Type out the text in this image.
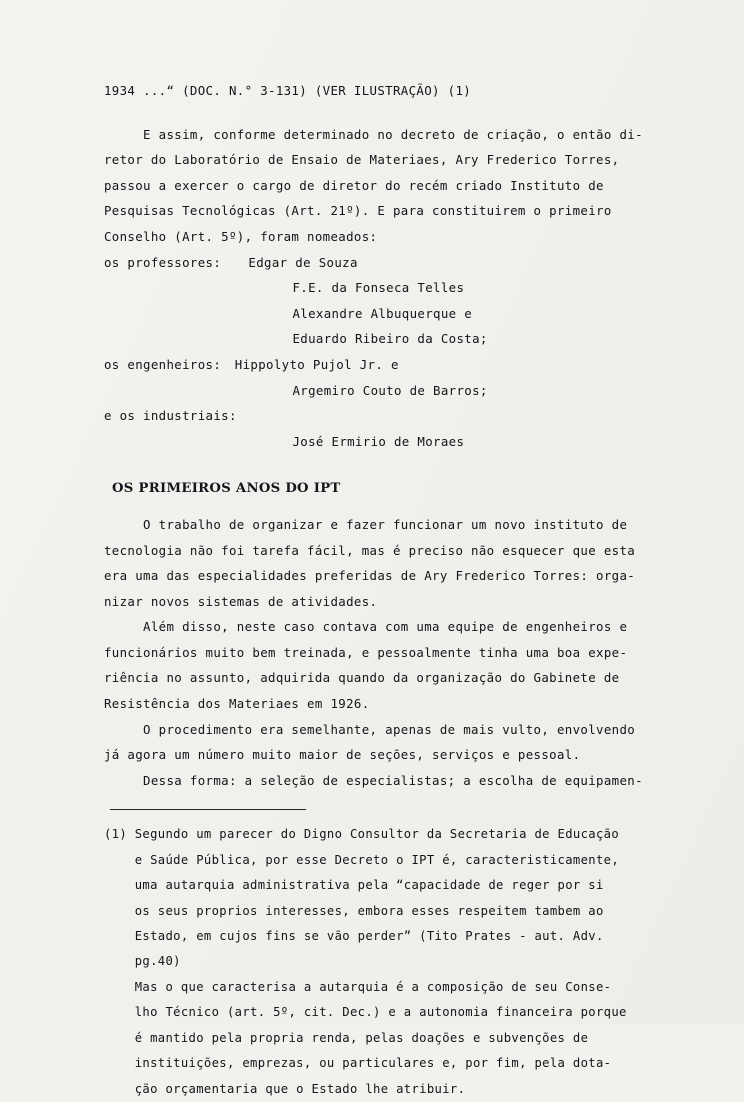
1934 ...“ (DOC. N.° 3-131) (VER ILUSTRAÇÃO) (1)
E assim, conforme determinado no decreto de criação, o então di-
retor do Laboratório de Ensaio de Materiaes, Ary Frederico Torres,
passou a exercer o cargo de diretor do recém criado Instituto de
Pesquisas Tecnológicas (Art. 21º). E para constituirem o primeiro
Conselho (Art. 5º), foram nomeados:
os professores: Edgar de Souza
F.E. da Fonseca Telles
Alexandre Albuquerque e
Eduardo Ribeiro da Costa;
os engenheiros: Hippolyto Pujol Jr. e
Argemiro Couto de Barros;
e os industriais:
José Ermirio de Moraes
OS PRIMEIROS ANOS DO IPT
O trabalho de organizar e fazer funcionar um novo instituto de
tecnologia não foi tarefa fácil, mas é preciso não esquecer que esta
era uma das especialidades preferidas de Ary Frederico Torres: orga-
nizar novos sistemas de atividades.
Além disso, neste caso contava com uma equipe de engenheiros e
funcionários muito bem treinada, e pessoalmente tinha uma boa expe-
riência no assunto, adquirida quando da organização do Gabinete de
Resistência dos Materiaes em 1926.
O procedimento era semelhante, apenas de mais vulto, envolvendo
já agora um número muito maior de seções, serviços e pessoal.
Dessa forma: a seleção de especialistas; a escolha de equipamen-
(1) Segundo um parecer do Digno Consultor da Secretaria de Educação
e Saúde Pública, por esse Decreto o IPT é, caracteristicamente,
uma autarquia administrativa pela “capacidade de reger por si
os seus proprios interesses, embora esses respeitem tambem ao
Estado, em cujos fins se vão perder” (Tito Prates - aut. Adv.
pg.40)
Mas o que caracterisa a autarquia é a composição de seu Conse-
lho Técnico (art. 5º, cit. Dec.) e a autonomia financeira porque
é mantido pela propria renda, pelas doações e subvenções de
instituições, emprezas, ou particulares e, por fim, pela dota-
ção orçamentaria que o Estado lhe atribuir.
